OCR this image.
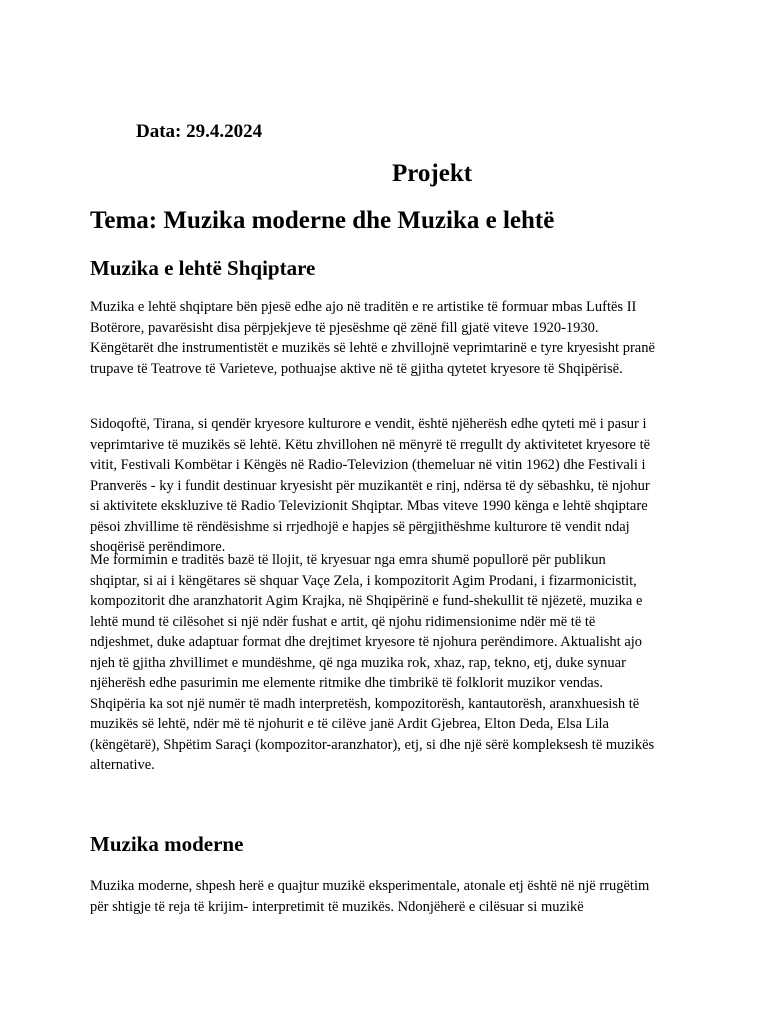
Data: 29.4.2024

Projekt
Tema: Muzika moderne dhe Muzika e lehtë
Muzika e lehtë Shqiptare

Muzika e lehtë shqiptare bën pjesë edhe ajo në traditën e re artistike të formuar mbas Luftës II
Botërore, pavarësisht disa përpjekjeve të pjesëshme që zënë fill gjatë viteve 1920-1930.
Këngëtarët dhe instrumentistët e muzikës së lehtë e zhvillojnë veprimtarinë e tyre kryesisht pranë
trupave të Teatrove të Varieteve, pothuajse aktive në të gjitha qytetet kryesore të Shqipërisë.

Sidoqoftë, Tirana, si qendër kryesore kulturore e vendit, është njëherësh edhe qyteti më i pasur i
veprimtarive të muzikës së lehtë. Këtu zhvillohen në mënyrë të rregullt dy aktivitetet kryesore të
vitit, Festivali Kombëtar i Këngës në Radio-Televizion (themeluar në vitin 1962) dhe Festivali i
Pranverës - ky i fundit destinuar kryesisht për muzikantët e rinj, ndërsa të dy sëbashku, të njohur
si aktivitete ekskluzive të Radio Televizionit Shqiptar. Mbas viteve 1990 kënga e lehtë shqiptare
pësoi zhvillime të rëndësishme si rrjedhojë e hapjes së përgjithëshme kulturore të vendit ndaj
shoqërisë perëndimore.

Me formimin e traditës bazë të llojit, të kryesuar nga emra shumë popullorë për publikun
shqiptar, si ai i këngëtares së shquar Vaçe Zela, i kompozitorit Agim Prodani, i fizarmonicistit,
kompozitorit dhe aranzhatorit Agim Krajka, në Shqipërinë e fund-shekullit të njëzetë, muzika e
lehtë mund të cilësohet si një ndër fushat e artit, që njohu ridimensionime ndër më të të
ndjeshmet, duke adaptuar format dhe drejtimet kryesore të njohura perëndimore. Aktualisht ajo
njeh të gjitha zhvillimet e mundëshme, që nga muzika rok, xhaz, rap, tekno, etj, duke synuar
njëherësh edhe pasurimin me elemente ritmike dhe timbrikë të folklorit muzikor vendas.
Shqipëria ka sot një numër të madh interpretësh, kompozitorësh, kantautorësh, aranxhuesish të
muzikës së lehtë, ndër më të njohurit e të cilëve janë Ardit Gjebrea, Elton Deda, Elsa Lila
(këngëtarë), Shpëtim Saraçi (kompozitor-aranzhator), etj, si dhe një sërë kompleksesh të muzikës
alternative.

Muzika moderne

Muzika moderne, shpesh herë e quajtur muzikë eksperimentale, atonale etj është në një rrugëtim
për shtigje të reja të krijim- interpretimit të muzikës. Ndonjëherë e cilësuar si muzikë
